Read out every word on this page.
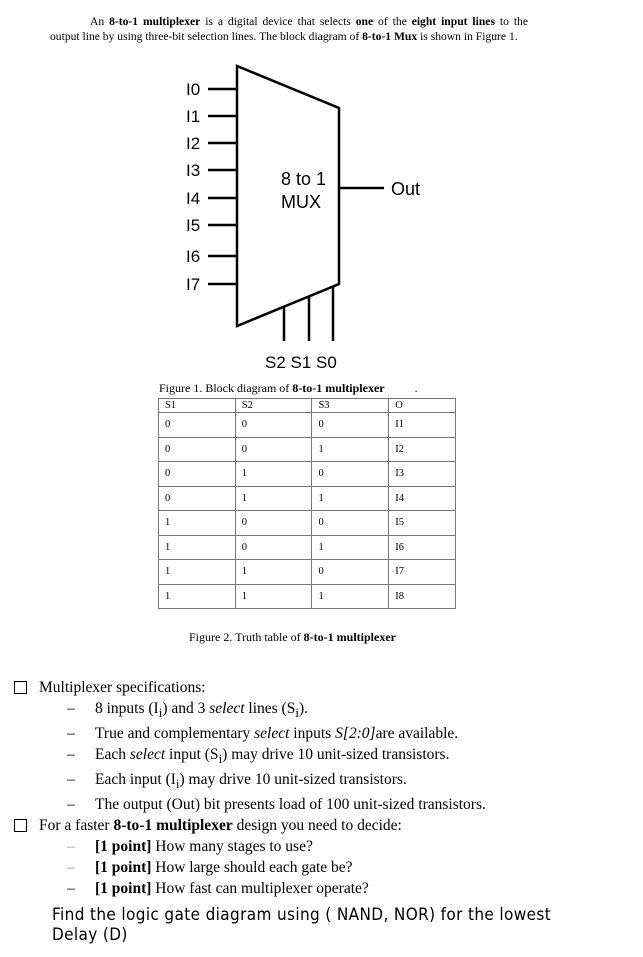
An 8-to-1 multiplexer is a digital device that selects one of the eight input lines to the output line by using three-bit selection lines. The block diagram of 8-to-1 Mux is shown in Figure 1.
I0
I1
I2
I3
I4
I5
I6
I7
8 to 1
MUX
Out
S2 S1 S0
Figure 1. Block diagram of 8-to-1 multiplexer	.
S1	S2	S3	O
0	0	0	I1
0	0	1	I2
0	1	0	I3
0	1	1	I4
1	0	0	I5
1	0	1	I6
1	1	0	I7
1	1	1	I8
Figure 2. Truth table of 8-to-1 multiplexer
Multiplexer specifications:
– 8 inputs $(I_i)$ and 3 select lines $(S_i)$.
– True and complementary select inputs S[2:0]are available.
– Each select input $(S_i)$ may drive 10 unit-sized transistors.
– Each input $(I_i)$ may drive 10 unit-sized transistors.
– The output (Out) bit presents load of 100 unit-sized transistors.
For a faster 8-to-1 multiplexer design you need to decide:
– [1 point] How many stages to use?
– [1 point] How large should each gate be?
– [1 point] How fast can multiplexer operate?
Find the logic gate diagram using ( NAND, NOR) for the lowest Delay (D)
